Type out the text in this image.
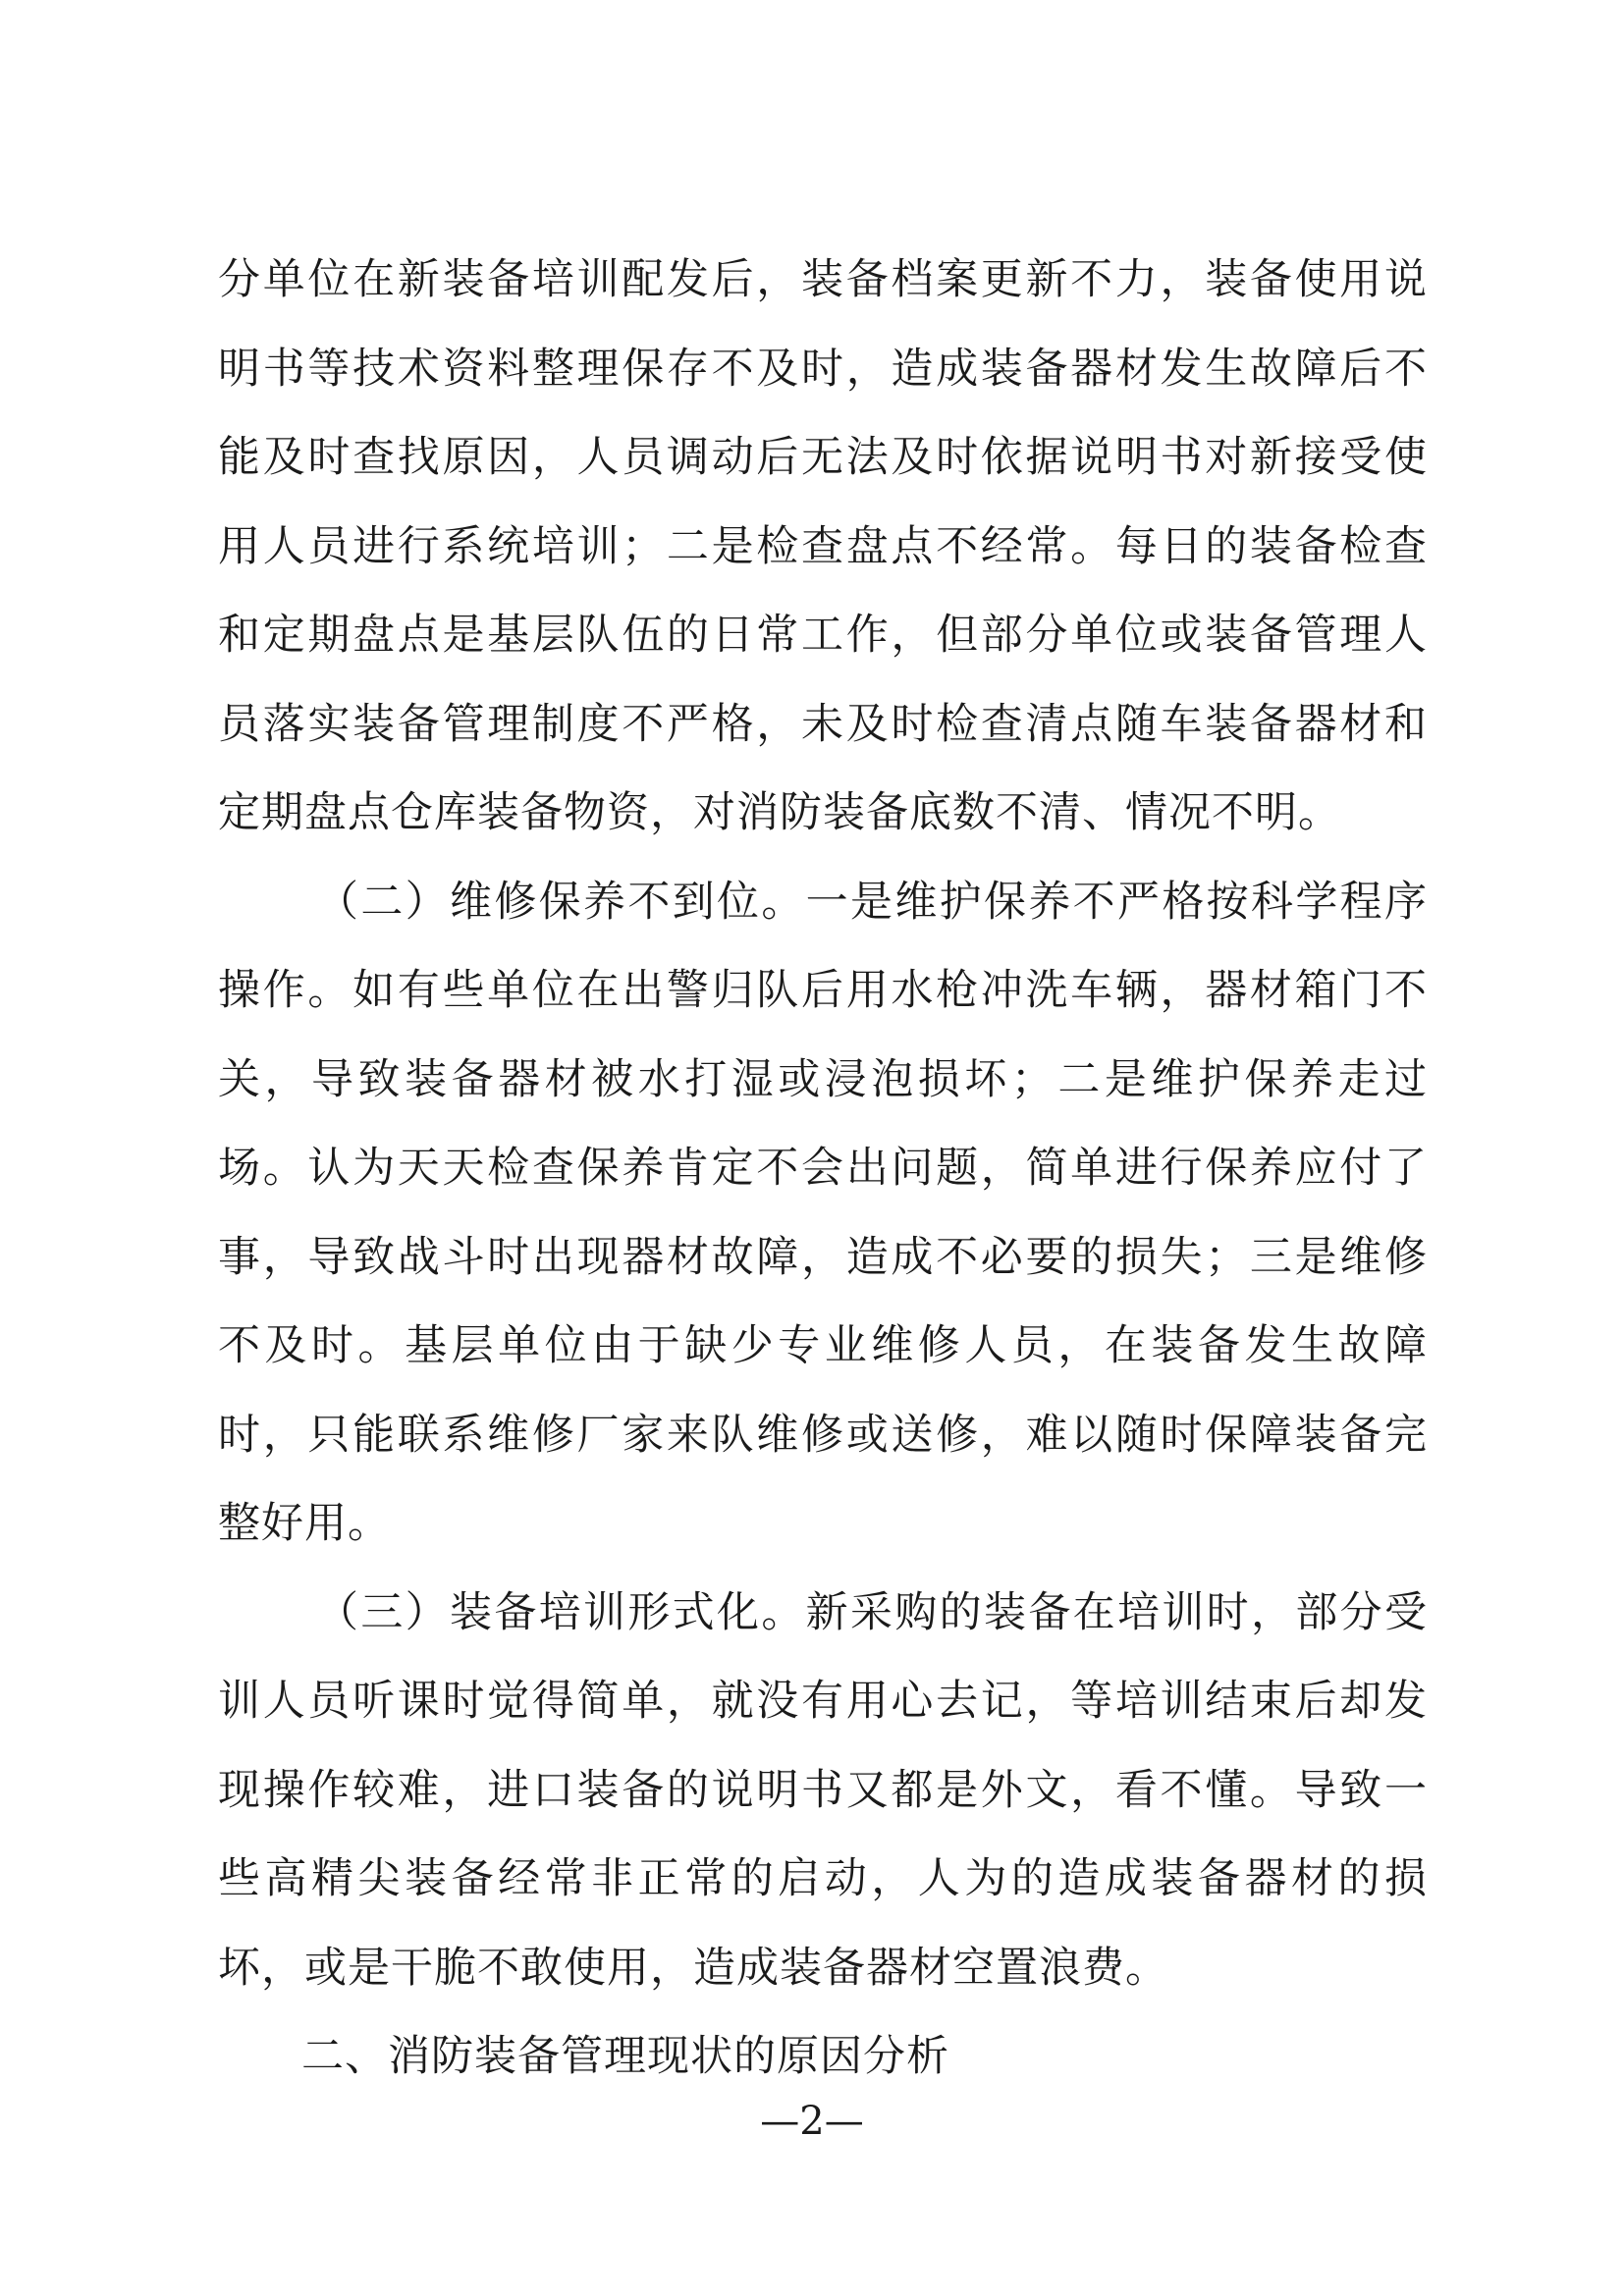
分单位在新装备培训配发后，装备档案更新不力，装备使用说
明书等技术资料整理保存不及时，造成装备器材发生故障后不
能及时查找原因，人员调动后无法及时依据说明书对新接受使
用人员进行系统培训；二是检查盘点不经常。每日的装备检查
和定期盘点是基层队伍的日常工作，但部分单位或装备管理人
员落实装备管理制度不严格，未及时检查清点随车装备器材和
定期盘点仓库装备物资，对消防装备底数不清、情况不明。
（二）维修保养不到位。一是维护保养不严格按科学程序
操作。如有些单位在出警归队后用水枪冲洗车辆，器材箱门不
关，导致装备器材被水打湿或浸泡损坏；二是维护保养走过
场。认为天天检查保养肯定不会出问题，简单进行保养应付了
事，导致战斗时出现器材故障，造成不必要的损失；三是维修
不及时。基层单位由于缺少专业维修人员，在装备发生故障
时，只能联系维修厂家来队维修或送修，难以随时保障装备完
整好用。
（三）装备培训形式化。新采购的装备在培训时，部分受
训人员听课时觉得简单，就没有用心去记，等培训结束后却发
现操作较难，进口装备的说明书又都是外文，看不懂。导致一
些高精尖装备经常非正常的启动，人为的造成装备器材的损
坏，或是干脆不敢使用，造成装备器材空置浪费。
二、消防装备管理现状的原因分析
—2—
